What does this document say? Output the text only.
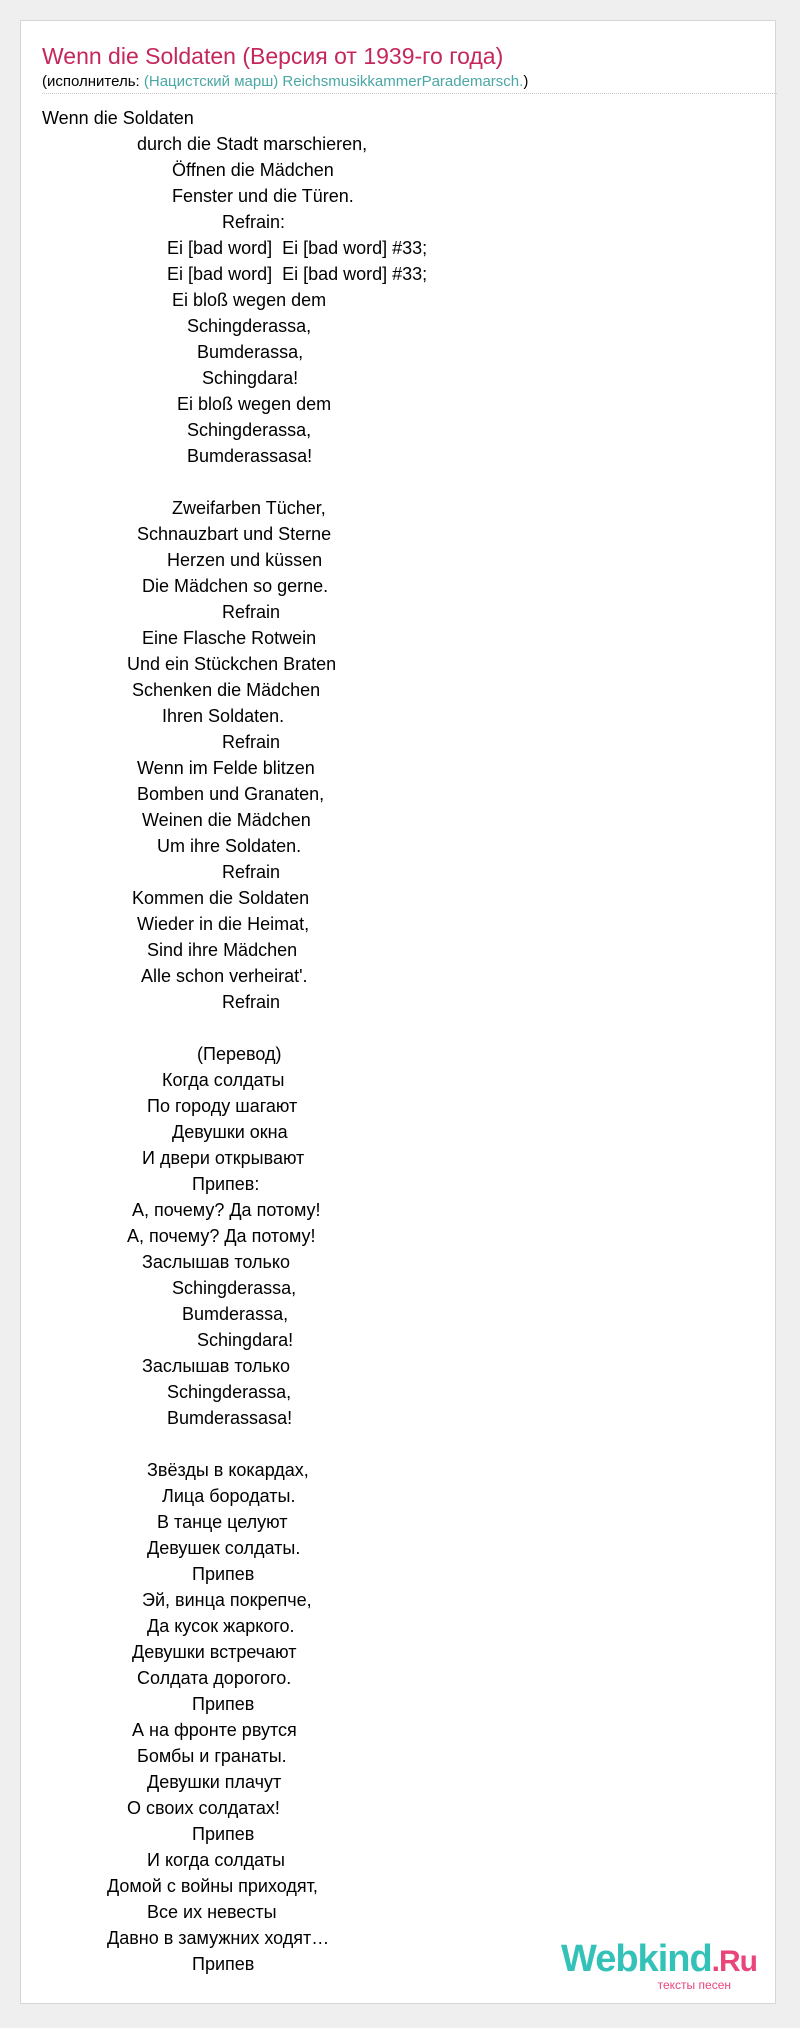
Wenn die Soldaten (Версия от 1939-го года)
(исполнитель: (Нацистский марш) ReichsmusikkammerParademarsch.)
Wenn die Soldaten
durch die Stadt marschieren,
Öffnen die Mädchen
Fenster und die Türen.
Refrain:
Ei [bad word]  Ei [bad word] #33;
Ei [bad word]  Ei [bad word] #33;
Ei bloß wegen dem
Schingderassa,
Bumderassa,
Schingdara!
Ei bloß wegen dem
Schingderassa,
Bumderassasa!

Zweifarben Tücher,
Schnauzbart und Sterne
Herzen und küssen
Die Mädchen so gerne.
Refrain
Eine Flasche Rotwein
Und ein Stückchen Braten
Schenken die Mädchen
Ihren Soldaten.
Refrain
Wenn im Felde blitzen
Bomben und Granaten,
Weinen die Mädchen
Um ihre Soldaten.
Refrain
Kommen die Soldaten
Wieder in die Heimat,
Sind ihre Mädchen
Alle schon verheirat'.
Refrain

(Перевод)
Когда солдаты
По городу шагают
Девушки окна
И двери открывают
Припев:
А, почему? Да потому!
А, почему? Да потому!
Заслышав только
Schingderassa,
Bumderassa,
Schingdara!
Заслышав только
Schingderassa,
Bumderassasa!

Звёзды в кокардах,
Лица бородаты.
В танце целуют
Девушек солдаты.
Припев
Эй, винца покрепче,
Да кусок жаркого.
Девушки встречают
Солдата дорогого.
Припев
А на фронте рвутся
Бомбы и гранаты.
Девушки плачут
О своих солдатах!
Припев
И когда солдаты
Домой с войны приходят,
Все их невесты
Давно в замужних ходят…
Припев	Webkind.Ru
тексты песен
